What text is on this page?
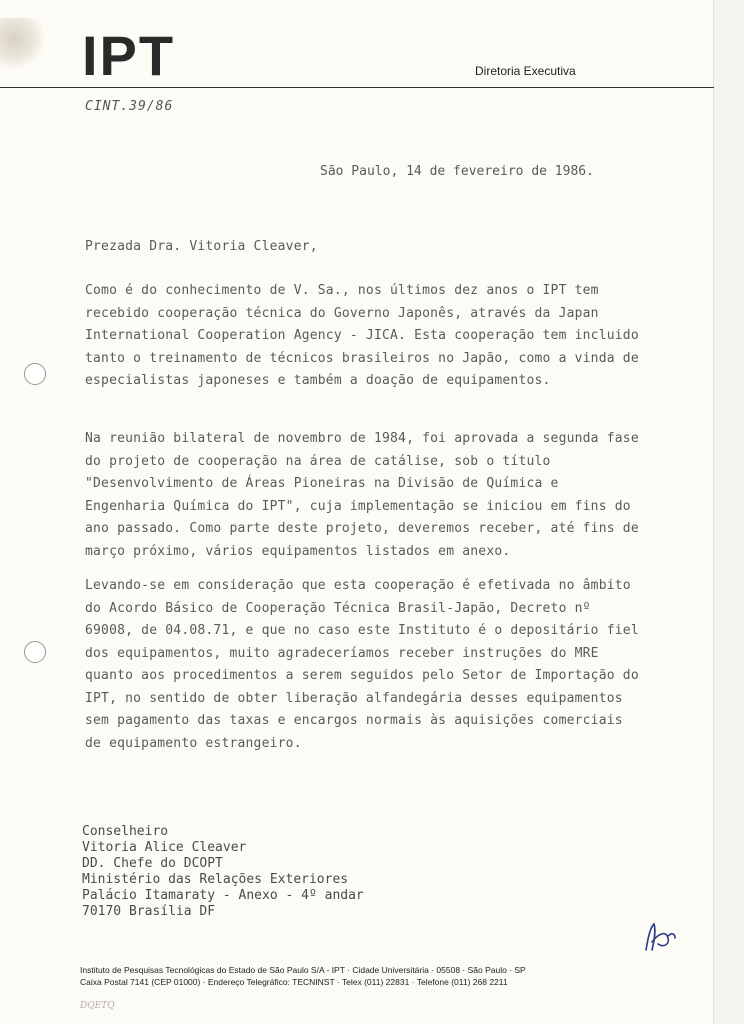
IPT	Diretoria Executiva
CINT.39/86
São Paulo, 14 de fevereiro de 1986.
Prezada Dra. Vitoria Cleaver,
Como é do conhecimento de V. Sa., nos últimos dez anos o IPT tem recebido cooperação técnica do Governo Japonês, através da Japan International Cooperation Agency - JICA. Esta cooperação tem incluido tanto o treinamento de técnicos brasileiros no Japão, como a vinda de especialistas japoneses e também a doação de equipamentos.
Na reunião bilateral de novembro de 1984, foi aprovada a segunda fase do projeto de cooperação na área de catálise, sob o título "Desenvolvimento de Áreas Pioneiras na Divisão de Química e Engenharia Química do IPT", cuja implementação se iniciou em fins do ano passado. Como parte deste projeto, deveremos receber, até fins de março próximo, vários equipamentos listados em anexo.
Levando-se em consideração que esta cooperação é efetivada no âmbito do Acordo Básico de Cooperação Técnica Brasil-Japão, Decreto nº 69008, de 04.08.71, e que no caso este Instituto é o depositário fiel dos equipamentos, muito agradeceríamos receber instruções do MRE quanto aos procedimentos a serem seguidos pelo Setor de Importação do IPT, no sentido de obter liberação alfandegária desses equipamentos sem pagamento das taxas e encargos normais às aquisições comerciais de equipamento estrangeiro.
Conselheiro
Vitoria Alice Cleaver
DD. Chefe do DCOPT
Ministério das Relações Exteriores
Palácio Itamaraty - Anexo - 4º andar
70170 Brasília DF
Instituto de Pesquisas Tecnológicas do Estado de São Paulo S/A - IPT · Cidade Universitária · 05508 · São Paulo · SP
Caixa Postal 7141 (CEP 01000) · Endereço Telegráfico: TECNINST · Telex (011) 22831 · Telefone (011) 268 2211
DQETQ
